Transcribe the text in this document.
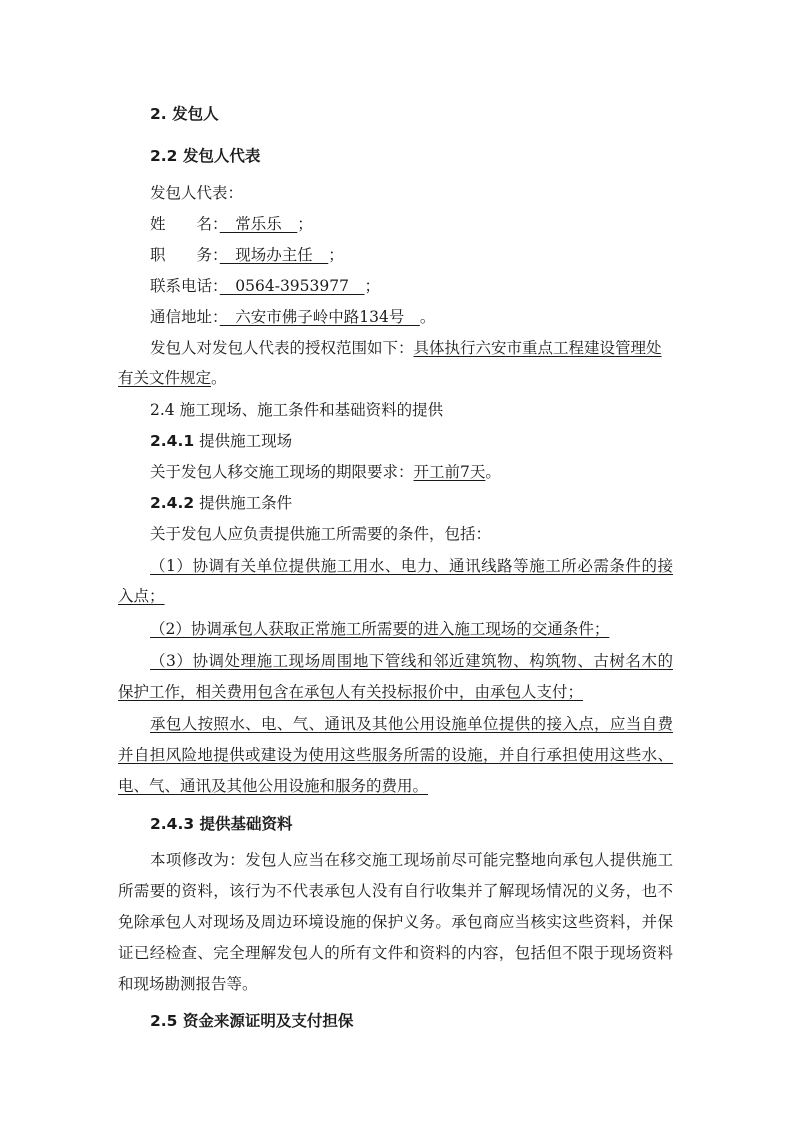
2. 发包人
2.2 发包人代表
发包人代表：
姓　　名：　常乐乐　；
职　　务：　现场办主任　；
联系电话：　0564-3953977　；
通信地址：　六安市佛子岭中路134号　。
发包人对发包人代表的授权范围如下：具体执行六安市重点工程建设管理处
有关文件规定。
2.4 施工现场、施工条件和基础资料的提供
2.4.1 提供施工现场
关于发包人移交施工现场的期限要求：开工前7天。
2.4.2 提供施工条件
关于发包人应负责提供施工所需要的条件，包括：
（1）协调有关单位提供施工用水、电力、通讯线路等施工所必需条件的接
入点；
（2）协调承包人获取正常施工所需要的进入施工现场的交通条件；
（3）协调处理施工现场周围地下管线和邻近建筑物、构筑物、古树名木的
保护工作，相关费用包含在承包人有关投标报价中，由承包人支付；
承包人按照水、电、气、通讯及其他公用设施单位提供的接入点，应当自费
并自担风险地提供或建设为使用这些服务所需的设施，并自行承担使用这些水、
电、气、通讯及其他公用设施和服务的费用。
2.4.3 提供基础资料
本项修改为：发包人应当在移交施工现场前尽可能完整地向承包人提供施工
所需要的资料，该行为不代表承包人没有自行收集并了解现场情况的义务，也不
免除承包人对现场及周边环境设施的保护义务。承包商应当核实这些资料，并保
证已经检查、完全理解发包人的所有文件和资料的内容，包括但不限于现场资料
和现场勘测报告等。
2.5 资金来源证明及支付担保
